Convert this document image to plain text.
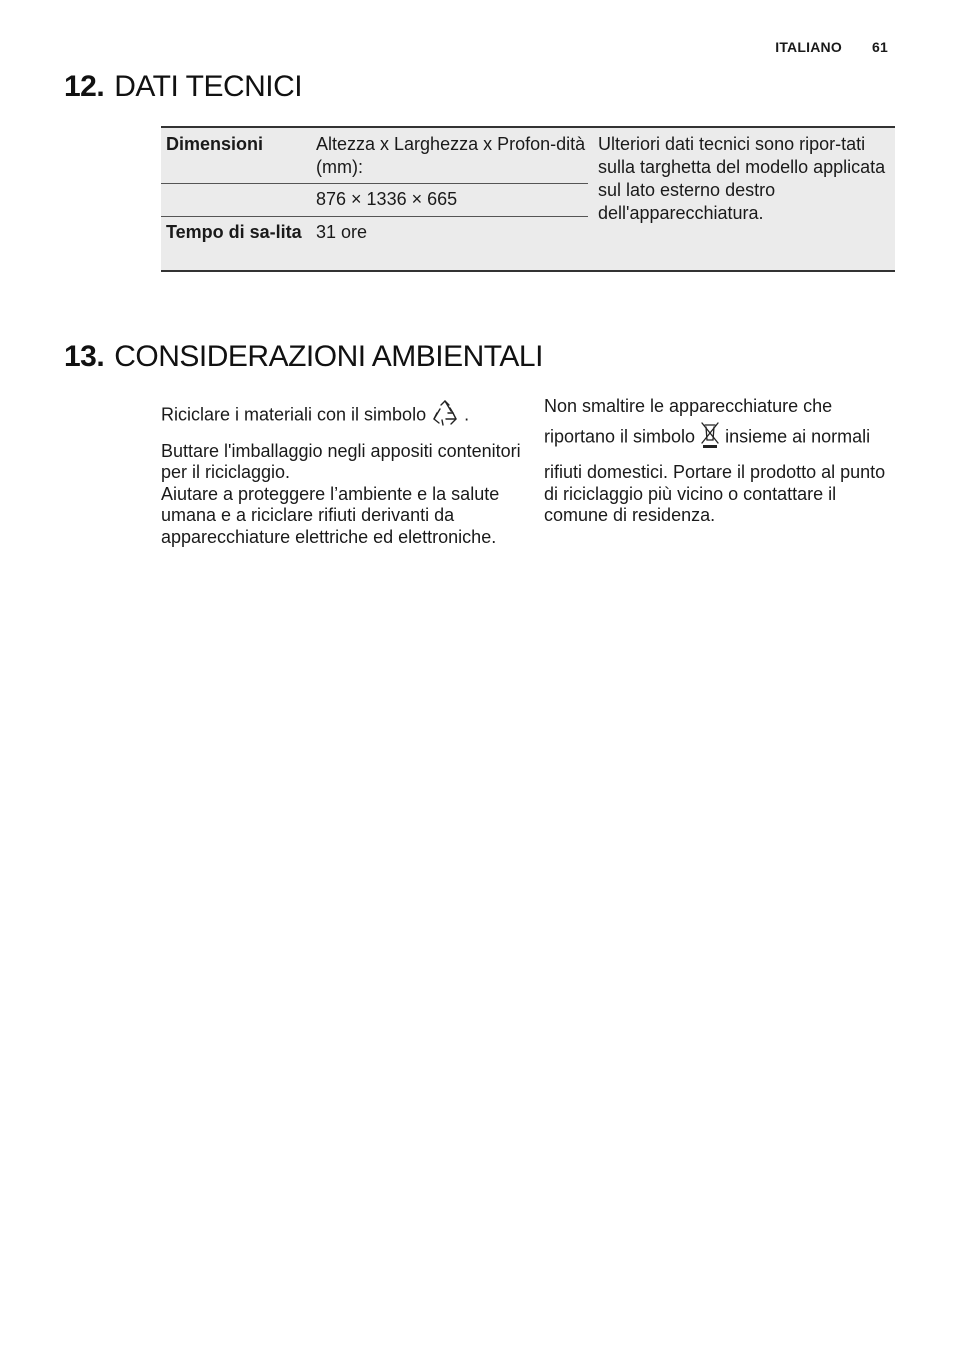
ITALIANO 61
12. DATI TECNICI
Dimensioni	Altezza x Larghezza x Profon-dità (mm):
Ulteriori dati tecnici sono ripor-tati sulla targhetta del modello applicata sul lato esterno destro dell'apparecchiatura.
876 × 1336 × 665
Tempo di sa-lita 31 ore
13. CONSIDERAZIONI AMBIENTALI

Riciclare i materiali con il simbolo .

Buttare l'imballaggio negli appositi contenitori per il riciclaggio.

Aiutare a proteggere l’ambiente e la salute umana e a riciclare rifiuti derivanti da apparecchiature elettriche ed elettroniche.

Non smaltire le apparecchiature che

riportano il simbolo insieme ai normali

rifiuti domestici. Portare il prodotto al punto di riciclaggio più vicino o contattare il comune di residenza.
